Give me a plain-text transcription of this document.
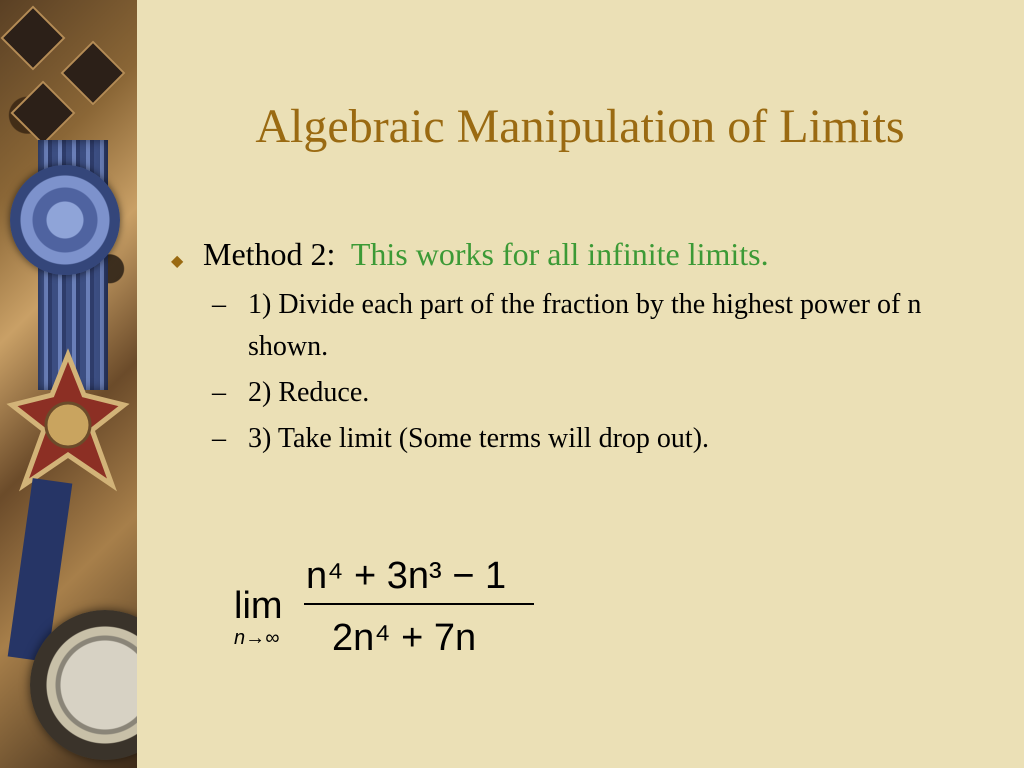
Algebraic Manipulation of Limits
◆ Method 2: This works for all infinite limits.
– 1) Divide each part of the fraction by the highest power of n shown.
– 2) Reduce.
– 3) Take limit (Some terms will drop out).
lim
n→∞
n⁴ + 3n³ − 1
2n⁴ + 7n
